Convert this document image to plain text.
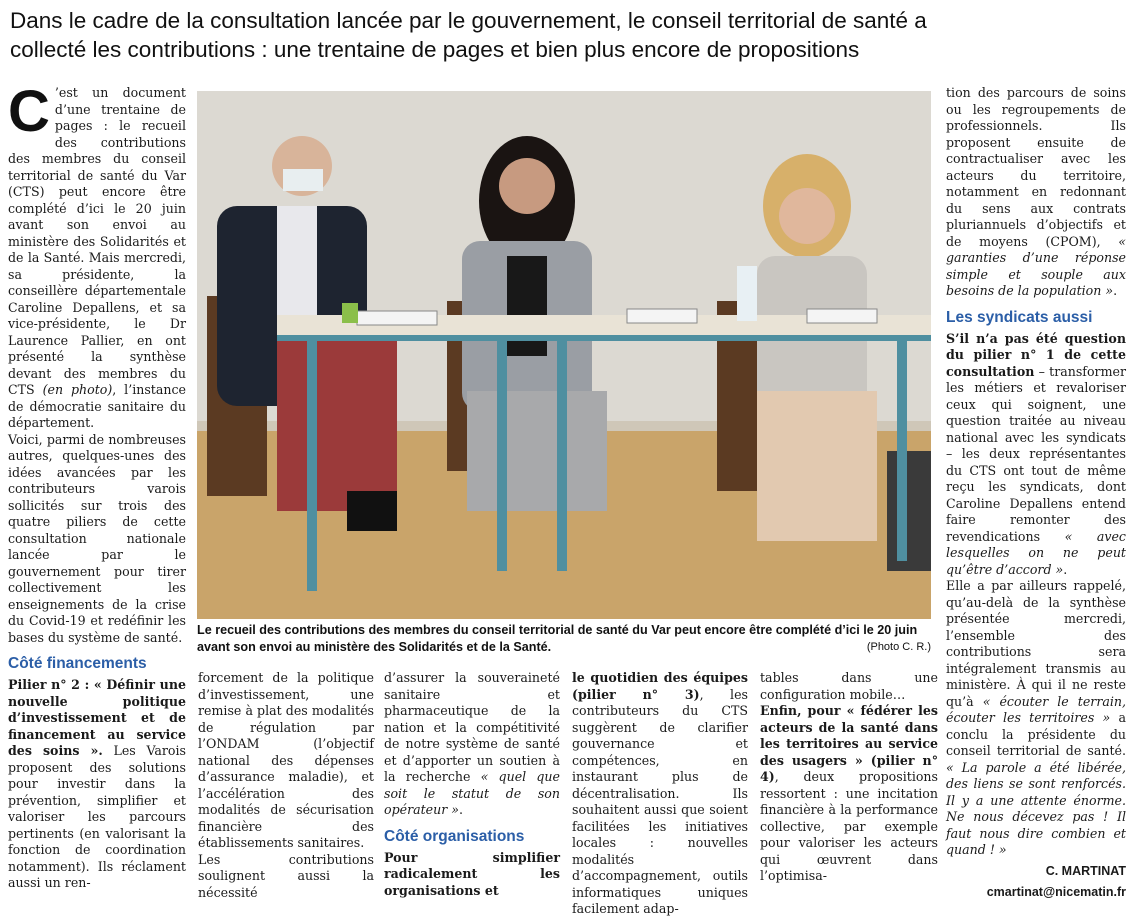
Dans le cadre de la consultation lancée par le gouvernement, le conseil territorial de santé a
collecté les contributions : une trentaine de pages et bien plus encore de propositions

C ’est un document d’une trentaine de pages : le recueil des contributions des membres du conseil territorial de santé du Var (CTS) peut encore être complété d’ici le 20 juin avant son envoi au ministère des Solidarités et de la Santé. Mais mercredi, sa présidente, la conseillère départementale Caroline Depallens, et sa vice-présidente, le Dr Laurence Pallier, en ont présenté la synthèse devant des membres du CTS (en photo), l’instance de démocratie sanitaire du département.

Voici, parmi de nombreuses autres, quelques-unes des idées avancées par les contributeurs varois sollicités sur trois des quatre piliers de cette consultation nationale lancée par le gouvernement pour tirer collectivement les enseignements de la crise du Covid-19 et redéfinir les bases du système de santé.

Côté financements

Pilier n° 2 : « Définir une nouvelle politique d’investissement et de financement au service des soins ». Les Varois proposent des solutions pour investir dans la prévention, simplifier et valoriser les parcours pertinents (en valorisant la fonction de coordination notamment). Ils réclament aussi un ren-

Le recueil des contributions des membres du conseil territorial de santé du Var peut encore être complété d’ici le 20 juin avant son envoi au ministère des Solidarités et de la Santé.	(Photo C. R.)

forcement de la politique d’investissement, une remise à plat des modalités de régulation par l’ONDAM (l’objectif national des dépenses d’assurance maladie), et l’accélération des modalités de sécurisation financière des établissements sanitaires.

Les contributions soulignent aussi la nécessité

d’assurer la souveraineté sanitaire et pharmaceutique de la nation et la compétitivité de notre système de santé et d’apporter un soutien à la recherche « quel que soit le statut de son opérateur ».

Côté organisations

Pour simplifier radicalement les organisations et

le quotidien des équipes (pilier n° 3), les contributeurs du CTS suggèrent de clarifier gouvernance et compétences, en instaurant plus de décentralisation. Ils souhaitent aussi que soient facilitées les initiatives locales : nouvelles modalités d’accompagnement, outils informatiques uniques facilement adap-

tables dans une configuration mobile…

Enfin, pour « fédérer les acteurs de la santé dans les territoires au service des usagers » (pilier n° 4), deux propositions ressortent : une incitation financière à la performance collective, par exemple pour valoriser les acteurs qui œuvrent dans l’optimisa-

tion des parcours de soins ou les regroupements de professionnels. Ils proposent ensuite de contractualiser avec les acteurs du territoire, notamment en redonnant du sens aux contrats pluriannuels d’objectifs et de moyens (CPOM), « garanties d’une réponse simple et souple aux besoins de la population ».

Les syndicats aussi

S’il n’a pas été question du pilier n° 1 de cette consultation – transformer les métiers et revaloriser ceux qui soignent, une question traitée au niveau national avec les syndicats – les deux représentantes du CTS ont tout de même reçu les syndicats, dont Caroline Depallens entend faire remonter des revendications « avec lesquelles on ne peut qu’être d’accord ».

Elle a par ailleurs rappelé, qu’au-delà de la synthèse présentée mercredi, l’ensemble des contributions sera intégralement transmis au ministère. À qui il ne reste qu’à « écouter le terrain, écouter les territoires » a conclu la présidente du conseil territorial de santé. « La parole a été libérée, des liens se sont renforcés. Il y a une attente énorme. Ne nous décevez pas ! Il faut nous dire combien et quand ! »

C. MARTINAT
cmartinat@nicematin.fr
